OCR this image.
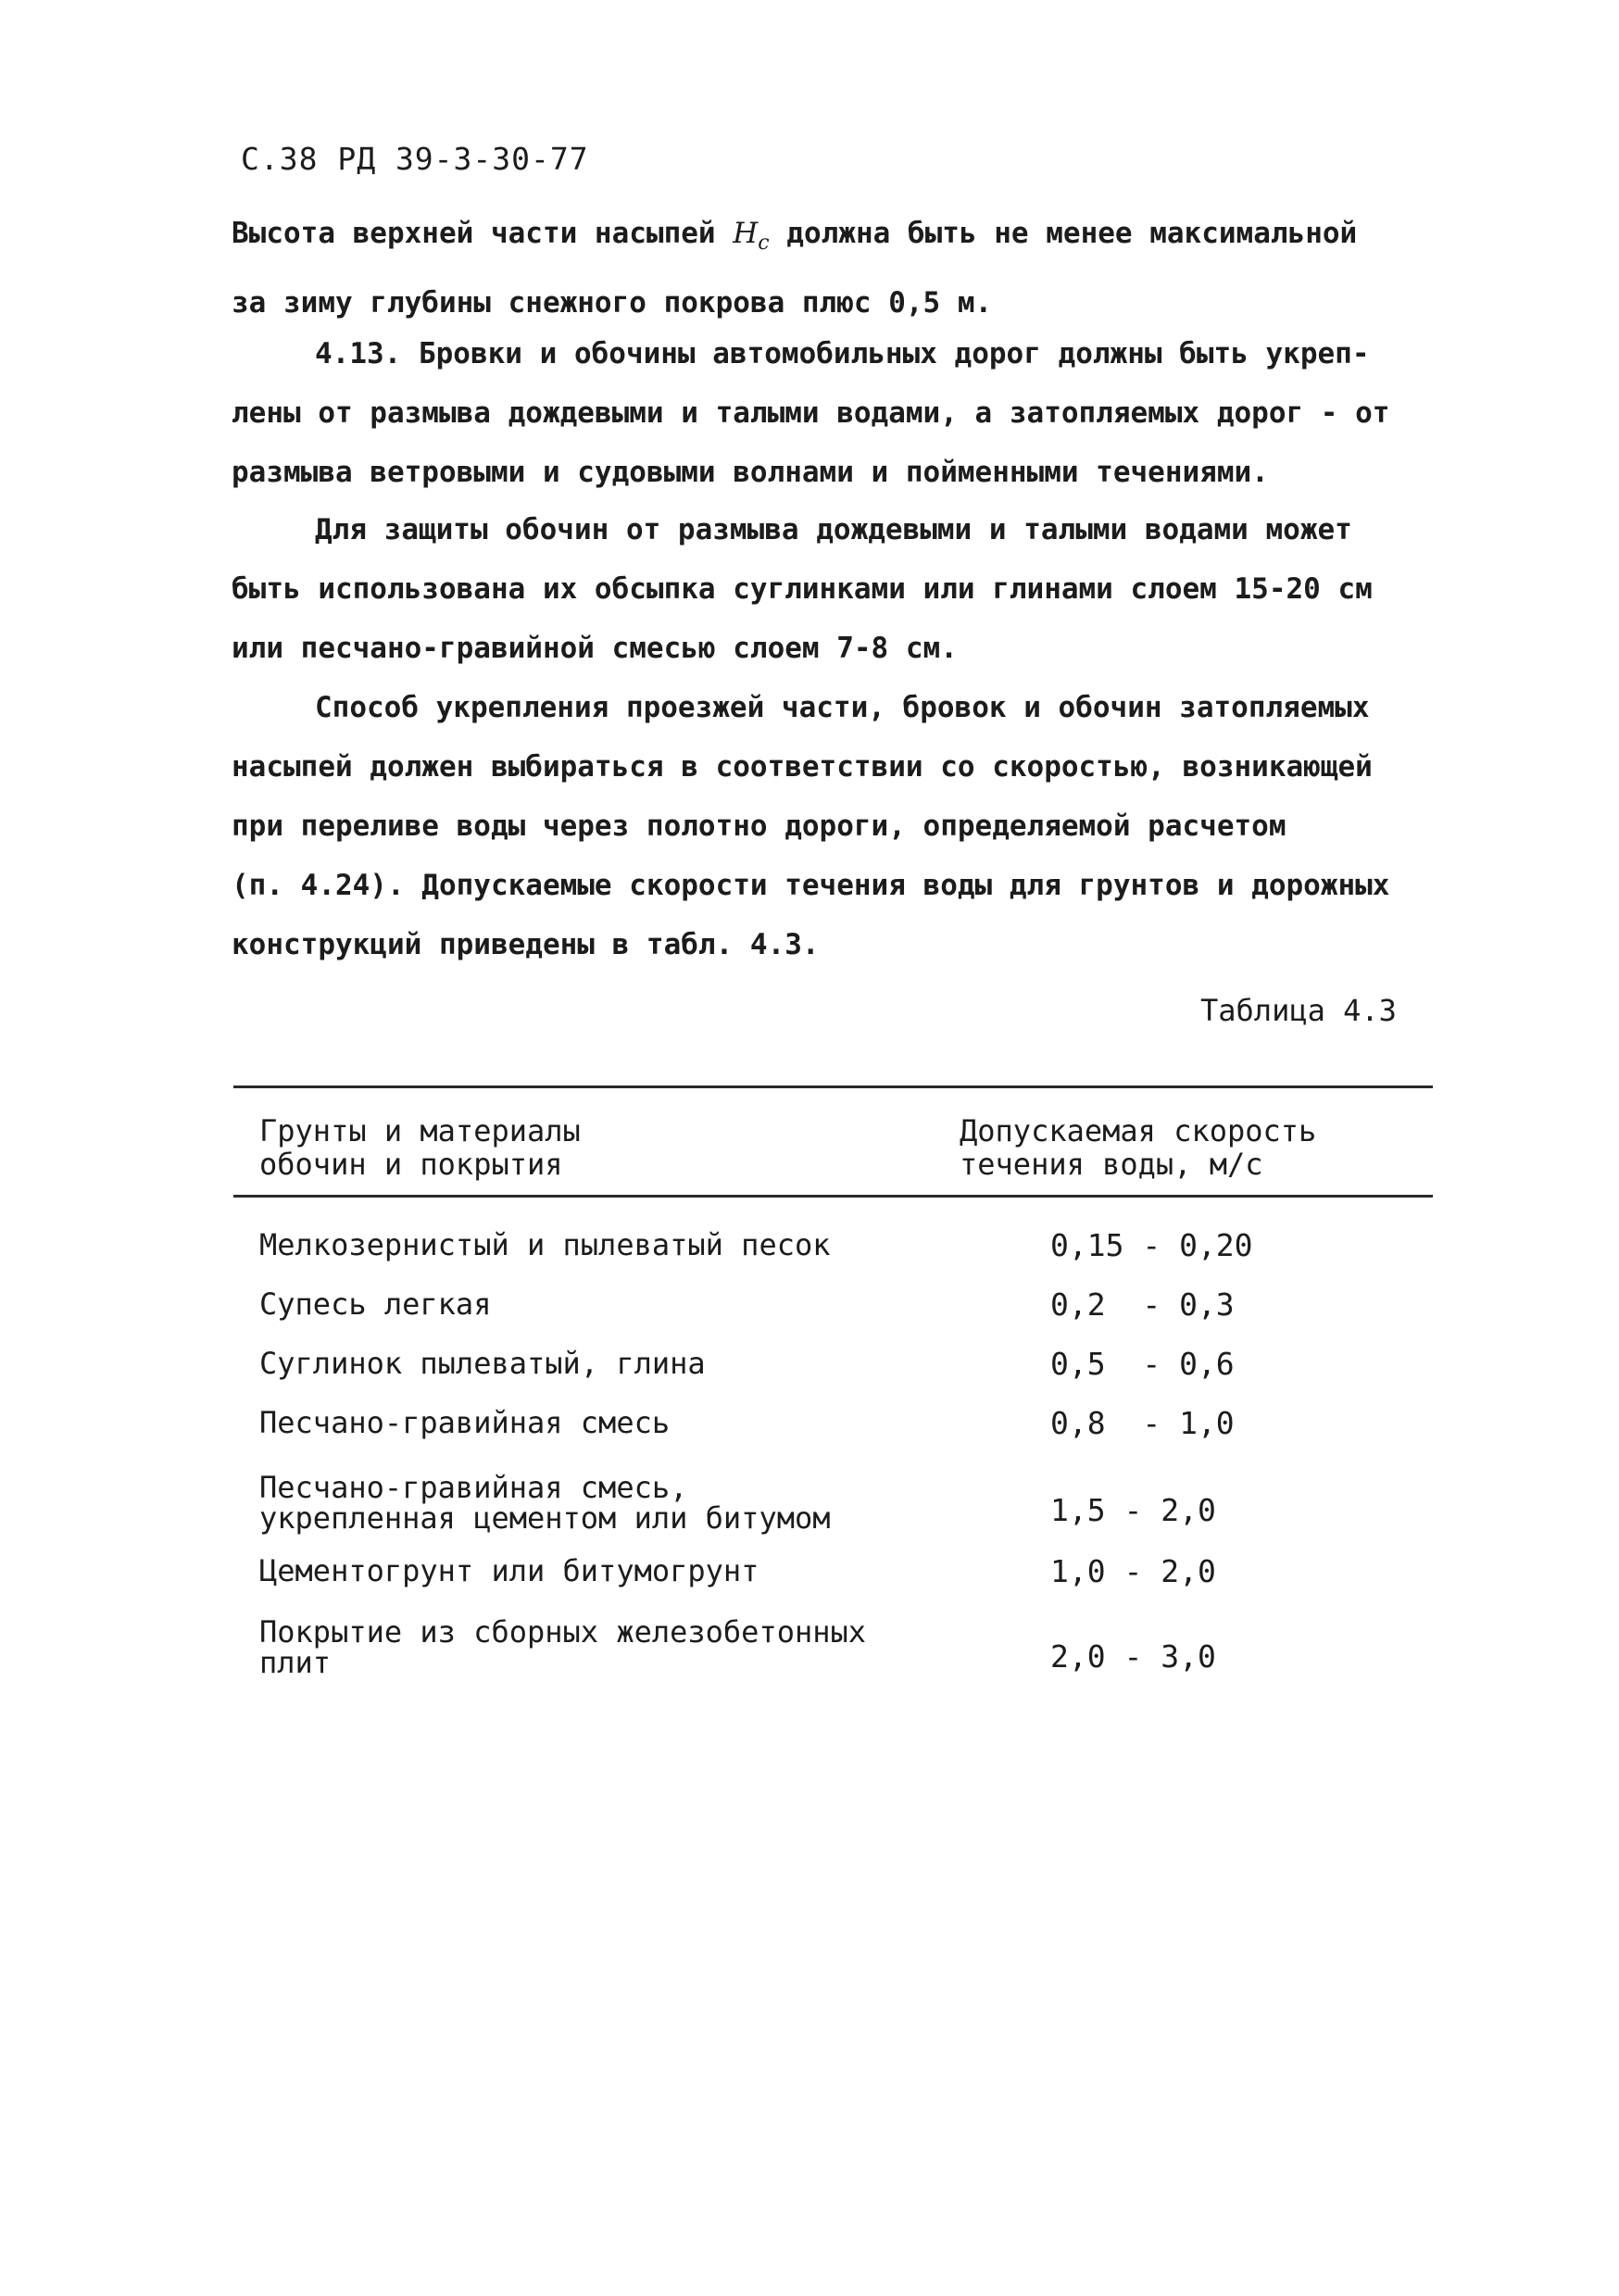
С.38 РД 39-3-30-77
Высота верхней части насыпей $H_c$ должна быть не менее максимальной
за зиму глубины снежного покрова плюс 0,5 м.
4.13. Бровки и обочины автомобильных дорог должны быть укреп-
лены от размыва дождевыми и талыми водами, а затопляемых дорог - от
размыва ветровыми и судовыми волнами и пойменными течениями.
Для защиты обочин от размыва дождевыми и талыми водами может
быть использована их обсыпка суглинками или глинами слоем 15-20 см
или песчано-гравийной смесью слоем 7-8 см.
Способ укрепления проезжей части, бровок и обочин затопляемых
насыпей должен выбираться в соответствии со скоростью, возникающей
при переливе воды через полотно дороги, определяемой расчетом
(п. 4.24). Допускаемые скорости течения воды для грунтов и дорожных
конструкций приведены в табл. 4.3.
Таблица 4.3
Грунты и материалы
обочин и покрытия
Допускаемая скорость
течения воды, м/с
Мелкозернистый и пылеватый песок	0,15 - 0,20
Супесь легкая	0,2  - 0,3
Суглинок пылеватый, глина	0,5  - 0,6
Песчано-гравийная смесь	0,8  - 1,0
Песчано-гравийная смесь,
укрепленная цементом или битумом	1,5 - 2,0
Цементогрунт или битумогрунт	1,0 - 2,0
Покрытие из сборных железобетонных
плит	2,0 - 3,0
